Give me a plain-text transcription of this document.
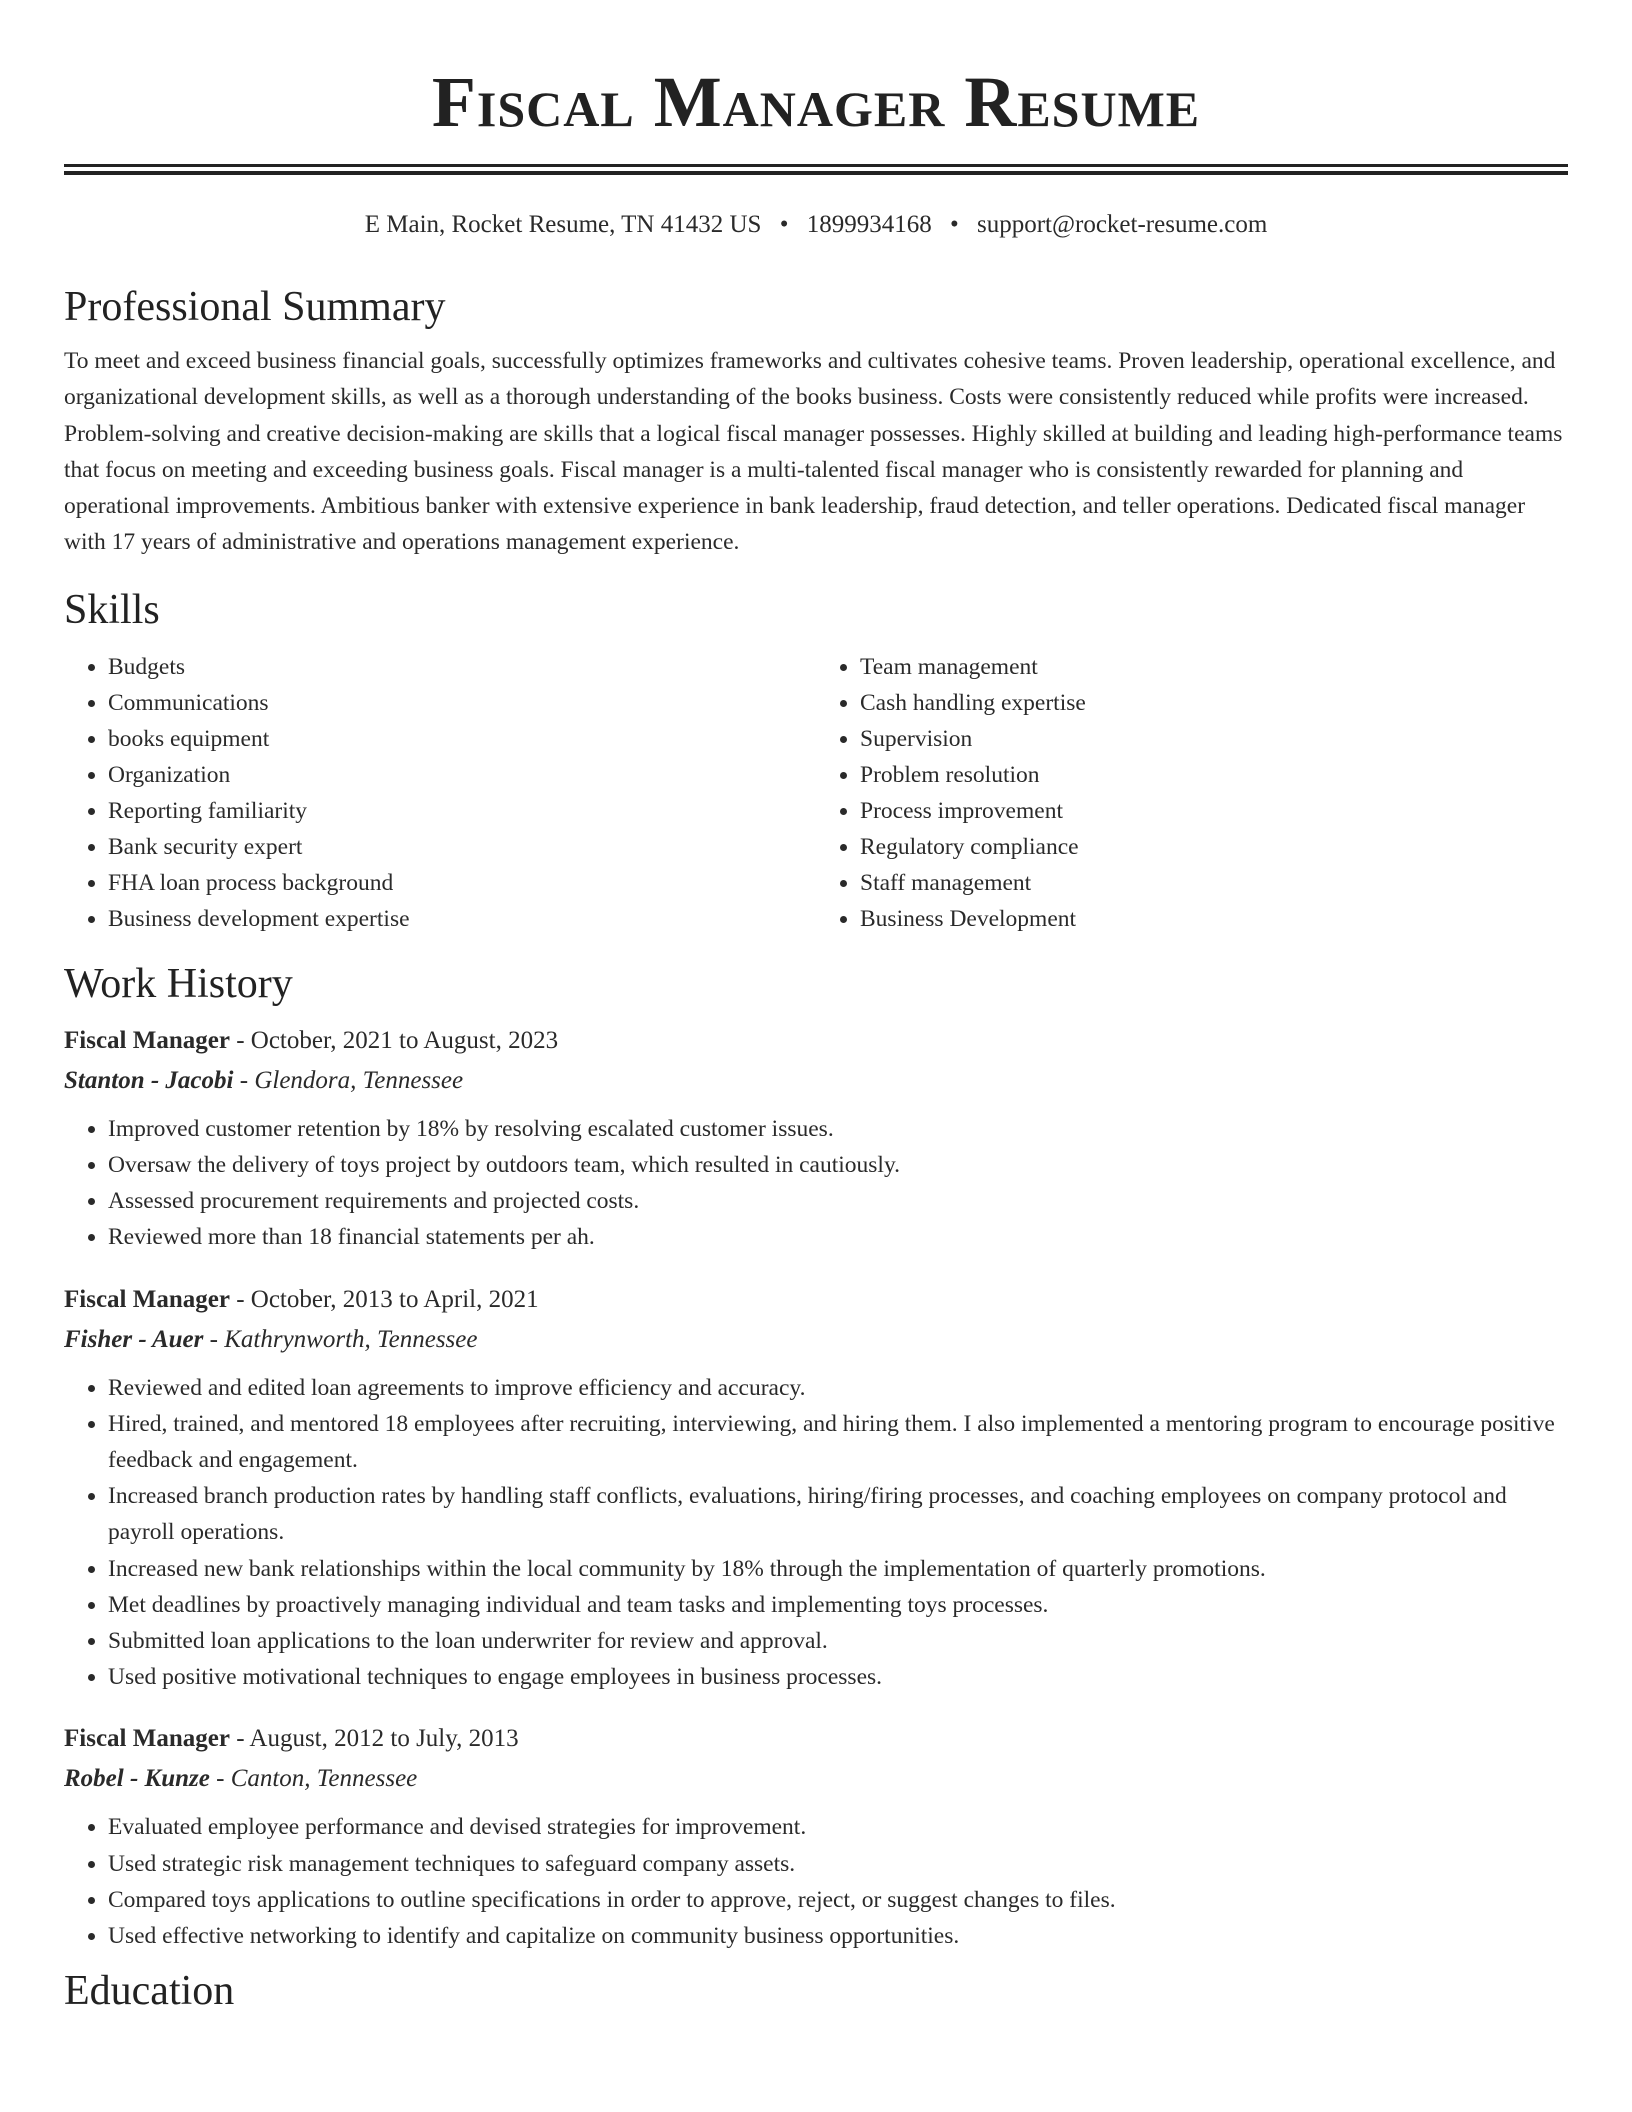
Fiscal Manager Resume
E Main, Rocket Resume, TN 41432 US • 1899934168 • support@rocket-resume.com
Professional Summary
To meet and exceed business financial goals, successfully optimizes frameworks and cultivates cohesive teams. Proven leadership, operational excellence, and organizational development skills, as well as a thorough understanding of the books business. Costs were consistently reduced while profits were increased. Problem-solving and creative decision-making are skills that a logical fiscal manager possesses. Highly skilled at building and leading high-performance teams that focus on meeting and exceeding business goals. Fiscal manager is a multi-talented fiscal manager who is consistently rewarded for planning and operational improvements. Ambitious banker with extensive experience in bank leadership, fraud detection, and teller operations. Dedicated fiscal manager with 17 years of administrative and operations management experience.
Skills
• Budgets
• Communications
• books equipment
• Organization
• Reporting familiarity
• Bank security expert
• FHA loan process background
• Business development expertise
• Team management
• Cash handling expertise
• Supervision
• Problem resolution
• Process improvement
• Regulatory compliance
• Staff management
• Business Development
Work History
Fiscal Manager - October, 2021 to August, 2023
Stanton - Jacobi - Glendora, Tennessee
• Improved customer retention by 18% by resolving escalated customer issues.
• Oversaw the delivery of toys project by outdoors team, which resulted in cautiously.
• Assessed procurement requirements and projected costs.
• Reviewed more than 18 financial statements per ah.
Fiscal Manager - October, 2013 to April, 2021
Fisher - Auer - Kathrynworth, Tennessee
• Reviewed and edited loan agreements to improve efficiency and accuracy.
• Hired, trained, and mentored 18 employees after recruiting, interviewing, and hiring them. I also implemented a mentoring program to encourage positive feedback and engagement.
• Increased branch production rates by handling staff conflicts, evaluations, hiring/firing processes, and coaching employees on company protocol and payroll operations.
• Increased new bank relationships within the local community by 18% through the implementation of quarterly promotions.
• Met deadlines by proactively managing individual and team tasks and implementing toys processes.
• Submitted loan applications to the loan underwriter for review and approval.
• Used positive motivational techniques to engage employees in business processes.
Fiscal Manager - August, 2012 to July, 2013
Robel - Kunze - Canton, Tennessee
• Evaluated employee performance and devised strategies for improvement.
• Used strategic risk management techniques to safeguard company assets.
• Compared toys applications to outline specifications in order to approve, reject, or suggest changes to files.
• Used effective networking to identify and capitalize on community business opportunities.
Education
